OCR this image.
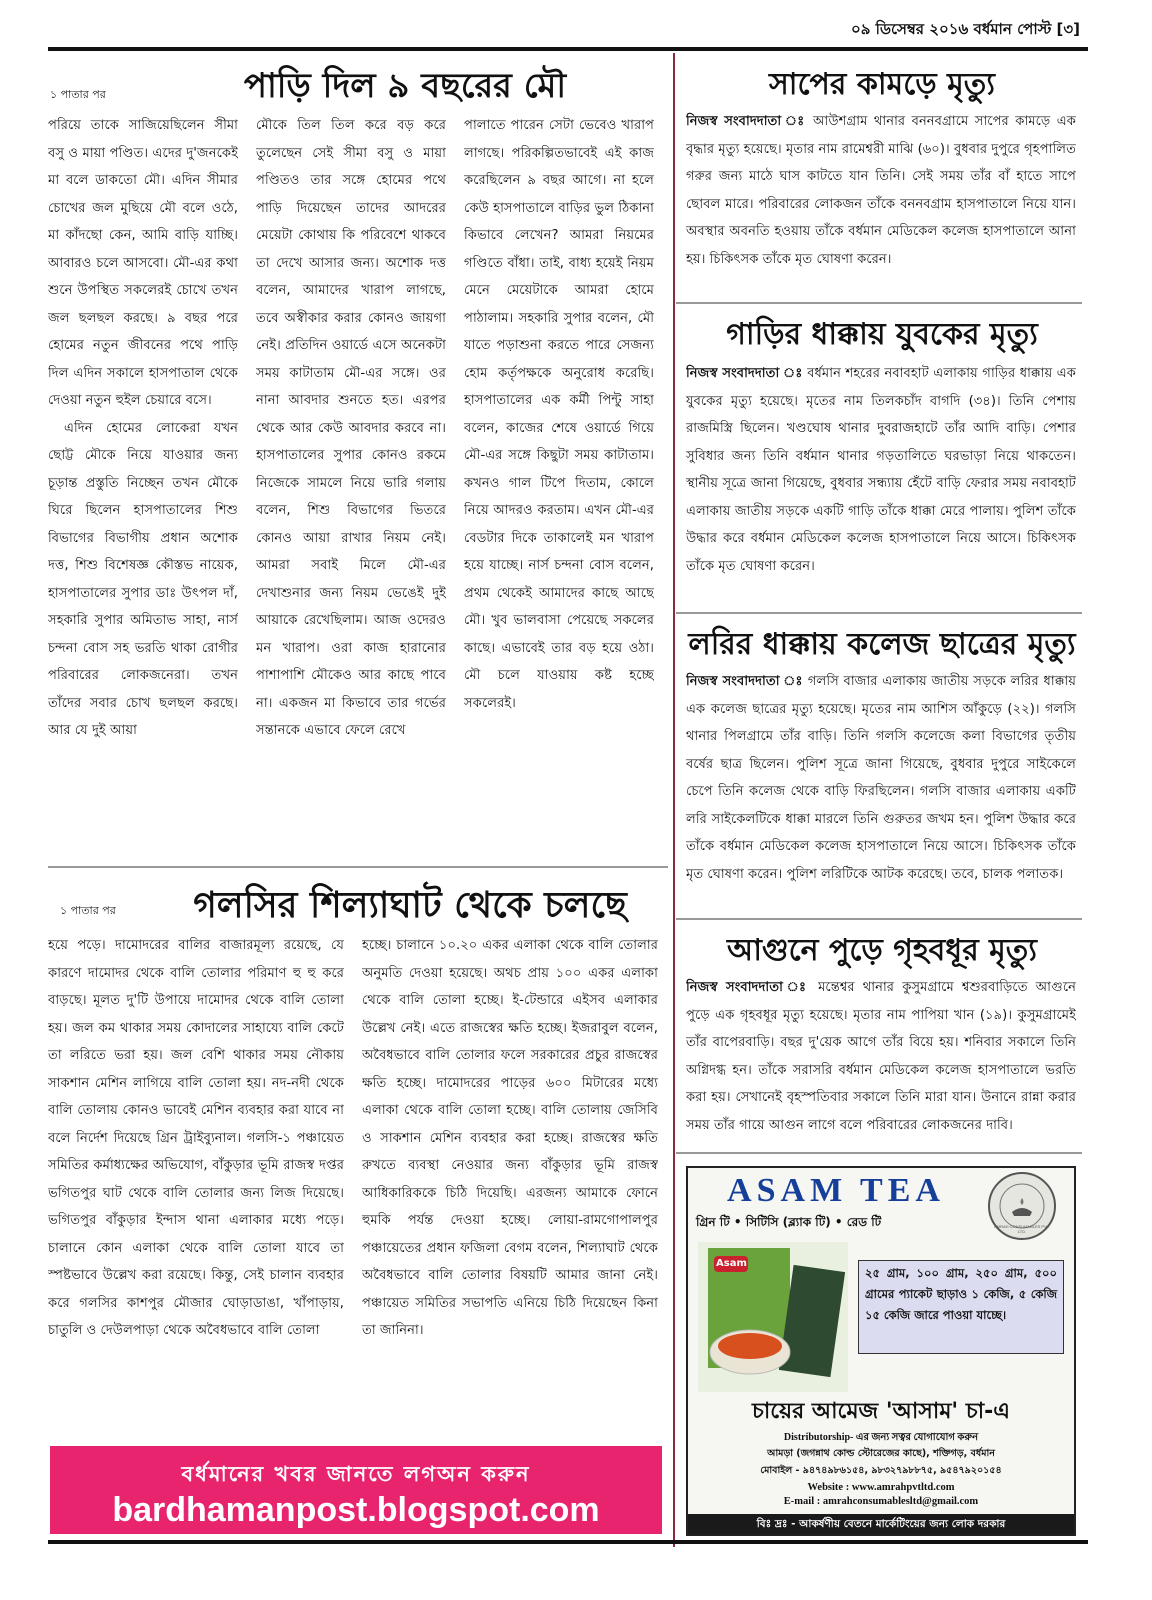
০৯ ডিসেম্বর ২০১৬ বর্ধমান পোস্ট [৩]
১ পাতার পর	পাড়ি দিল ৯ বছরের মৌ

পরিয়ে তাকে সাজিয়েছিলেন সীমা বসু ও মায়া পণ্ডিত। এদের দু'জনকেই মা বলে ডাকতো মৌ। এদিন সীমার চোখের জল মুছিয়ে মৌ বলে ওঠে, মা কাঁদছো কেন, আমি বাড়ি যাচ্ছি। আবারও চলে আসবো। মৌ-এর কথা শুনে উপস্থিত সকলেরই চোখে তখন জল ছলছল করছে। ৯ বছর পরে হোমের নতুন জীবনের পথে পাড়ি দিল এদিন সকালে হাসপাতাল থেকে দেওয়া নতুন হুইল চেয়ারে বসে।

এদিন হোমের লোকেরা যখন ছোট্ট মৌকে নিয়ে যাওয়ার জন্য চূড়ান্ত প্রস্তুতি নিচ্ছেন তখন মৌকে ঘিরে ছিলেন হাসপাতালের শিশু বিভাগের বিভাগীয় প্রধান অশোক দত্ত, শিশু বিশেষজ্ঞ কৌস্তভ নায়েক, হাসপাতালের সুপার ডাঃ উৎপল দাঁ, সহকারি সুপার অমিতাভ সাহা, নার্স চন্দনা বোস সহ ভরতি থাকা রোগীর পরিবারের লোকজনেরা। তখন তাঁদের সবার চোখ ছলছল করছে। আর যে দুই আয়া

মৌকে তিল তিল করে বড় করে তুলেছেন সেই সীমা বসু ও মায়া পণ্ডিতও তার সঙ্গে হোমের পথে পাড়ি দিয়েছেন তাদের আদরের মেয়েটা কোথায় কি পরিবেশে থাকবে তা দেখে আসার জন্য। অশোক দত্ত বলেন, আমাদের খারাপ লাগছে, তবে অস্বীকার করার কোনও জায়গা নেই। প্রতিদিন ওয়ার্ডে এসে অনেকটা সময় কাটাতাম মৌ-এর সঙ্গে। ওর নানা আবদার শুনতে হত। এরপর থেকে আর কেউ আবদার করবে না। হাসপাতালের সুপার কোনও রকমে নিজেকে সামলে নিয়ে ভারি গলায় বলেন, শিশু বিভাগের ভিতরে কোনও আয়া রাখার নিয়ম নেই। আমরা সবাই মিলে মৌ-এর দেখাশুনার জন্য নিয়ম ভেঙেই দুই আয়াকে রেখেছিলাম। আজ ওদেরও মন খারাপ। ওরা কাজ হারানোর পাশাপাশি মৌকেও আর কাছে পাবে না। একজন মা কিভাবে তার গর্ভের সন্তানকে এভাবে ফেলে রেখে
পালাতে পারেন সেটা ভেবেও খারাপ লাগছে। পরিকল্পিতভাবেই এই কাজ করেছিলেন ৯ বছর আগে। না হলে কেউ হাসপাতালে বাড়ির ভুল ঠিকানা কিভাবে লেখেন? আমরা নিয়মের গণ্ডিতে বাঁধা। তাই, বাধ্য হয়েই নিয়ম মেনে মেয়েটাকে আমরা হোমে পাঠালাম। সহকারি সুপার বলেন, মৌ যাতে পড়াশুনা করতে পারে সেজন্য হোম কর্তৃপক্ষকে অনুরোধ করেছি। হাসপাতালের এক কর্মী পিন্টু সাহা বলেন, কাজের শেষে ওয়ার্ডে গিয়ে মৌ-এর সঙ্গে কিছুটা সময় কাটাতাম। কখনও গাল টিপে দিতাম, কোলে নিয়ে আদরও করতাম। এখন মৌ-এর বেডটার দিকে তাকালেই মন খারাপ হয়ে যাচ্ছে। নার্স চন্দনা বোস বলেন, প্রথম থেকেই আমাদের কাছে আছে মৌ। খুব ভালবাসা পেয়েছে সকলের কাছে। এভাবেই তার বড় হয়ে ওঠা। মৌ চলে যাওয়ায় কষ্ট হচ্ছে সকলেরই।
১ পাতার পর	গলসির শিল্যাঘাট থেকে চলছে
হয়ে পড়ে। দামোদরের বালির বাজারমূল্য রয়েছে, যে কারণে দামোদর থেকে বালি তোলার পরিমাণ হু হু করে বাড়ছে। মূলত দু'টি উপায়ে দামোদর থেকে বালি তোলা হয়। জল কম থাকার সময় কোদালের সাহায্যে বালি কেটে তা লরিতে ভরা হয়। জল বেশি থাকার সময় নৌকায় সাকশান মেশিন লাগিয়ে বালি তোলা হয়। নদ-নদী থেকে বালি তোলায় কোনও ভাবেই মেশিন ব্যবহার করা যাবে না বলে নির্দেশ দিয়েছে গ্রিন ট্রাইব্যুনাল। গলসি-১ পঞ্চায়েত সমিতির কর্মাধ্যক্ষের অভিযোগ, বাঁকুড়ার ভূমি রাজস্ব দপ্তর ভগিতপুর ঘাট থেকে বালি তোলার জন্য লিজ দিয়েছে। ভগিতপুর বাঁকুড়ার ইন্দাস থানা এলাকার মধ্যে পড়ে। চালানে কোন এলাকা থেকে বালি তোলা যাবে তা স্পষ্টভাবে উল্লেখ করা রয়েছে। কিন্তু, সেই চালান ব্যবহার করে গলসির কাশপুর মৌজার ঘোড়াডাঙা, খাঁপাড়ায়, চাতুলি ও দেউলপাড়া থেকে অবৈধভাবে বালি তোলা
হচ্ছে। চালানে ১০.২০ একর এলাকা থেকে বালি তোলার অনুমতি দেওয়া হয়েছে। অথচ প্রায় ১০০ একর এলাকা থেকে বালি তোলা হচ্ছে। ই-টেন্ডারে এইসব এলাকার উল্লেখ নেই। এতে রাজস্বের ক্ষতি হচ্ছে। ইজরাবুল বলেন, অবৈধভাবে বালি তোলার ফলে সরকারের প্রচুর রাজস্বের ক্ষতি হচ্ছে। দামোদরের পাড়ের ৬০০ মিটারের মধ্যে এলাকা থেকে বালি তোলা হচ্ছে। বালি তোলায় জেসিবি ও সাকশান মেশিন ব্যবহার করা হচ্ছে। রাজস্বের ক্ষতি রুখতে ব্যবস্থা নেওয়ার জন্য বাঁকুড়ার ভূমি রাজস্ব আধিকারিককে চিঠি দিয়েছি। এরজন্য আমাকে ফোনে হুমকি পর্যন্ত দেওয়া হচ্ছে। লোয়া-রামগোপালপুর পঞ্চায়েতের প্রধান ফজিলা বেগম বলেন, শিল্যাঘাট থেকে অবৈধভাবে বালি তোলার বিষয়টি আমার জানা নেই। পঞ্চায়েত সমিতির সভাপতি এনিয়ে চিঠি দিয়েছেন কিনা তা জানিনা।
বর্ধমানের খবর জানতে লগঅন করুন
bardhamanpost.blogspot.com
সাপের কামড়ে মৃত্যু
নিজস্ব সংবাদদাতা ঃ আউশগ্রাম থানার বননবগ্রামে সাপের কামড়ে এক বৃদ্ধার মৃত্যু হয়েছে। মৃতার নাম রামেশ্বরী মাঝি (৬০)। বুধবার দুপুরে গৃহপালিত গরুর জন্য মাঠে ঘাস কাটতে যান তিনি। সেই সময় তাঁর বাঁ হাতে সাপে ছোবল মারে। পরিবারের লোকজন তাঁকে বননবগ্রাম হাসপাতালে নিয়ে যান। অবস্থার অবনতি হওয়ায় তাঁকে বর্ধমান মেডিকেল কলেজ হাসপাতালে আনা হয়। চিকিৎসক তাঁকে মৃত ঘোষণা করেন।
গাড়ির ধাক্কায় যুবকের মৃত্যু
নিজস্ব সংবাদদাতা ঃ বর্ধমান শহরের নবাবহাট এলাকায় গাড়ির ধাক্কায় এক যুবকের মৃত্যু হয়েছে। মৃতের নাম তিলকচাঁদ বাগদি (৩৪)। তিনি পেশায় রাজমিস্ত্রি ছিলেন। খণ্ডঘোষ থানার দুবরাজহাটে তাঁর আদি বাড়ি। পেশার সুবিধার জন্য তিনি বর্ধমান থানার গড়তালিতে ঘরভাড়া নিয়ে থাকতেন। স্থানীয় সূত্রে জানা গিয়েছে, বুধবার সন্ধ্যায় হেঁটে বাড়ি ফেরার সময় নবাবহাট এলাকায় জাতীয় সড়কে একটি গাড়ি তাঁকে ধাক্কা মেরে পালায়। পুলিশ তাঁকে উদ্ধার করে বর্ধমান মেডিকেল কলেজ হাসপাতালে নিয়ে আসে। চিকিৎসক তাঁকে মৃত ঘোষণা করেন।
লরির ধাক্কায় কলেজ ছাত্রের মৃত্যু
নিজস্ব সংবাদদাতা ঃ গলসি বাজার এলাকায় জাতীয় সড়কে লরির ধাক্কায় এক কলেজ ছাত্রের মৃত্যু হয়েছে। মৃতের নাম আশিস আঁকুড়ে (২২)। গলসি থানার পিলগ্রামে তাঁর বাড়ি। তিনি গলসি কলেজে কলা বিভাগের তৃতীয় বর্ষের ছাত্র ছিলেন। পুলিশ সূত্রে জানা গিয়েছে, বুধবার দুপুরে সাইকেলে চেপে তিনি কলেজ থেকে বাড়ি ফিরছিলেন। গলসি বাজার এলাকায় একটি লরি সাইকেলটিকে ধাক্কা মারলে তিনি গুরুতর জখম হন। পুলিশ উদ্ধার করে তাঁকে বর্ধমান মেডিকেল কলেজ হাসপাতালে নিয়ে আসে। চিকিৎসক তাঁকে মৃত ঘোষণা করেন। পুলিশ লরিটিকে আটক করেছে। তবে, চালক পলাতক।
আগুনে পুড়ে গৃহবধূর মৃত্যু
নিজস্ব সংবাদদাতা ঃ মন্তেশ্বর থানার কুসুমগ্রামে শ্বশুরবাড়িতে আগুনে পুড়ে এক গৃহবধূর মৃত্যু হয়েছে। মৃতার নাম পাপিয়া খান (১৯)। কুসুমগ্রামেই তাঁর বাপেরবাড়ি। বছর দু'য়েক আগে তাঁর বিয়ে হয়। শনিবার সকালে তিনি অগ্নিদগ্ধ হন। তাঁকে সরাসরি বর্ধমান মেডিকেল কলেজ হাসপাতালে ভরতি করা হয়। সেখানেই বৃহস্পতিবার সকালে তিনি মারা যান। উনানে রান্না করার সময় তাঁর গায়ে আগুন লাগে বলে পরিবারের লোকজনের দাবি।
ASAM TEA
AMRAH CONSUMABLES PVT. LTD.
গ্রিন টি • সিটিসি (ব্ল্যাক টি) • রেড টি
Asam
২৫ গ্রাম, ১০০ গ্রাম, ২৫০ গ্রাম, ৫০০ গ্রামের প্যাকেট ছাড়াও ১ কেজি, ৫ কেজি ১৫ কেজি জারে পাওয়া যাচ্ছে।
চায়ের আমেজ 'আসাম' চা-এ
Distributorship- এর জন্য সত্বর যোগাযোগ করুন
আমড়া (জগন্নাথ কোল্ড স্টোরেজের কাছে), শক্তিগড়, বর্ধমান
মোবাইল - ৯৪৭৪৯৮৬১৫৪, ৯৮৩২৭৯৮৮৭৫, ৯৫৪৭৯২০১৫৪
Website : www.amrahpvtltd.com
E-mail : amrahconsumablesltd@gmail.com
বিঃ দ্রঃ - আকর্ষণীয় বেতনে মার্কেটিংয়ের জন্য লোক দরকার
